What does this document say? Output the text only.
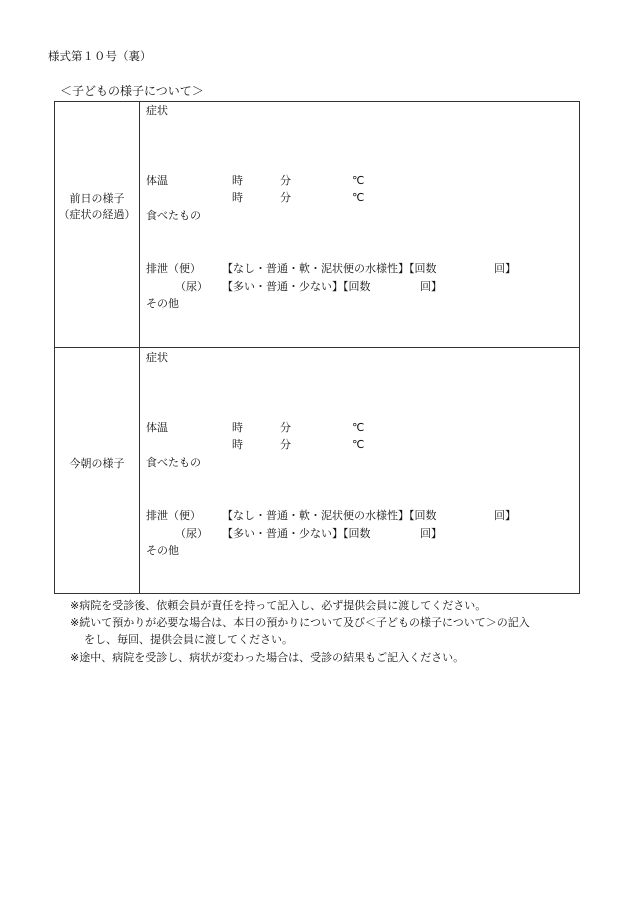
様式第１０号（裏）
＜子どもの様子について＞
前日の様子
（症状の経過）
症状
体温	時	分	℃
時	分	℃
食べたもの
排泄（便） 【なし・普通・軟・泥状便の水様性】【回数	回】
（尿） 【多い・普通・少ない】【回数	回】
その他
今朝の様子
症状
体温	時	分	℃
時	分	℃
食べたもの
排泄（便） 【なし・普通・軟・泥状便の水様性】【回数	回】
（尿） 【多い・普通・少ない】【回数	回】
その他
※病院を受診後、依頼会員が責任を持って記入し、必ず提供会員に渡してください。
※続いて預かりが必要な場合は、本日の預かりについて及び＜子どもの様子について＞の記入
をし、毎回、提供会員に渡してください。
※途中、病院を受診し、病状が変わった場合は、受診の結果もご記入ください。
